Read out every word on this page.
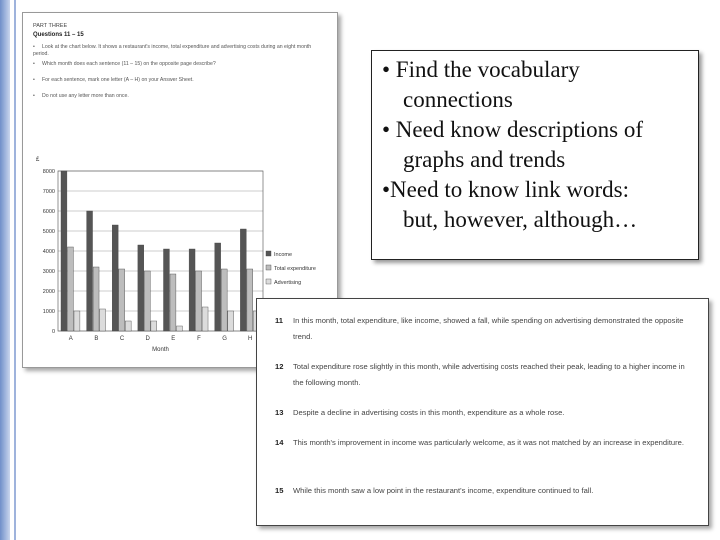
PART THREE
Questions 11 – 15
• Look at the chart below. It shows a restaurant's income, total expenditure and advertising costs during an eight month period.
• Which month does each sentence (11 – 15) on the opposite page describe?
• For each sentence, mark one letter (A – H) on your Answer Sheet.
• Do not use any letter more than once.
£
0
1000
2000
3000
4000
5000
6000
7000
8000
A	B	C	D	E	F	G	H
Month
Income
Total expenditure
Advertising
• Find the vocabulary
connections
• Need know descriptions of
graphs and trends
•Need to know link words:
but, however, although…
11	In this month, total expenditure, like income, showed a fall, while spending on advertising demonstrated the opposite trend.
12	Total expenditure rose slightly in this month, while advertising costs reached their peak, leading to a higher income in the following month.
13	Despite a decline in advertising costs in this month, expenditure as a whole rose.
14	This month's improvement in income was particularly welcome, as it was not matched by an increase in expenditure.
15	While this month saw a low point in the restaurant's income, expenditure continued to fall.
